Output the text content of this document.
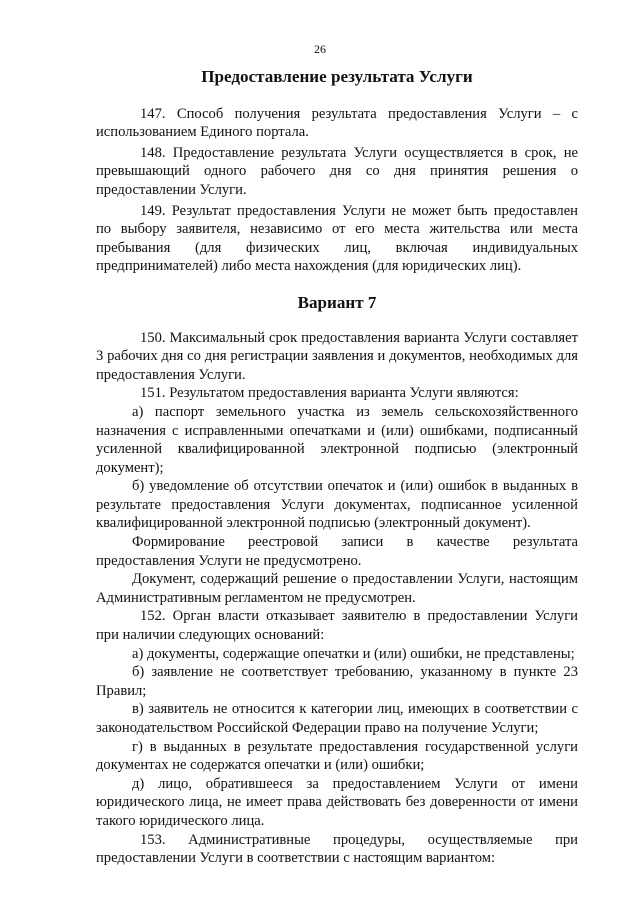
26
Предоставление результата Услуги

147. Способ получения результата предоставления Услуги – с использованием Единого портала.

148. Предоставление результата Услуги осуществляется в срок, не превышающий одного рабочего дня со дня принятия решения о предоставлении Услуги.

149. Результат предоставления Услуги не может быть предоставлен по выбору заявителя, независимо от его места жительства или места пребывания (для физических лиц, включая индивидуальных предпринимателей) либо места нахождения (для юридических лиц).

Вариант 7

150. Максимальный срок предоставления варианта Услуги составляет 3 рабочих дня со дня регистрации заявления и документов, необходимых для предоставления Услуги.

151. Результатом предоставления варианта Услуги являются:

а) паспорт земельного участка из земель сельскохозяйственного назначения с исправленными опечатками и (или) ошибками, подписанный усиленной квалифицированной электронной подписью (электронный документ);

б) уведомление об отсутствии опечаток и (или) ошибок в выданных в результате предоставления Услуги документах, подписанное усиленной квалифицированной электронной подписью (электронный документ).

Формирование реестровой записи в качестве результата предоставления Услуги не предусмотрено.

Документ, содержащий решение о предоставлении Услуги, настоящим Административным регламентом не предусмотрен.

152. Орган власти отказывает заявителю в предоставлении Услуги при наличии следующих оснований:

а) документы, содержащие опечатки и (или) ошибки, не представлены;

б) заявление не соответствует требованию, указанному в пункте 23 Правил;

в) заявитель не относится к категории лиц, имеющих в соответствии с законодательством Российской Федерации право на получение Услуги;

г) в выданных в результате предоставления государственной услуги документах не содержатся опечатки и (или) ошибки;

д) лицо, обратившееся за предоставлением Услуги от имени юридического лица, не имеет права действовать без доверенности от имени такого юридического лица.

153. Административные процедуры, осуществляемые при предоставлении Услуги в соответствии с настоящим вариантом:
